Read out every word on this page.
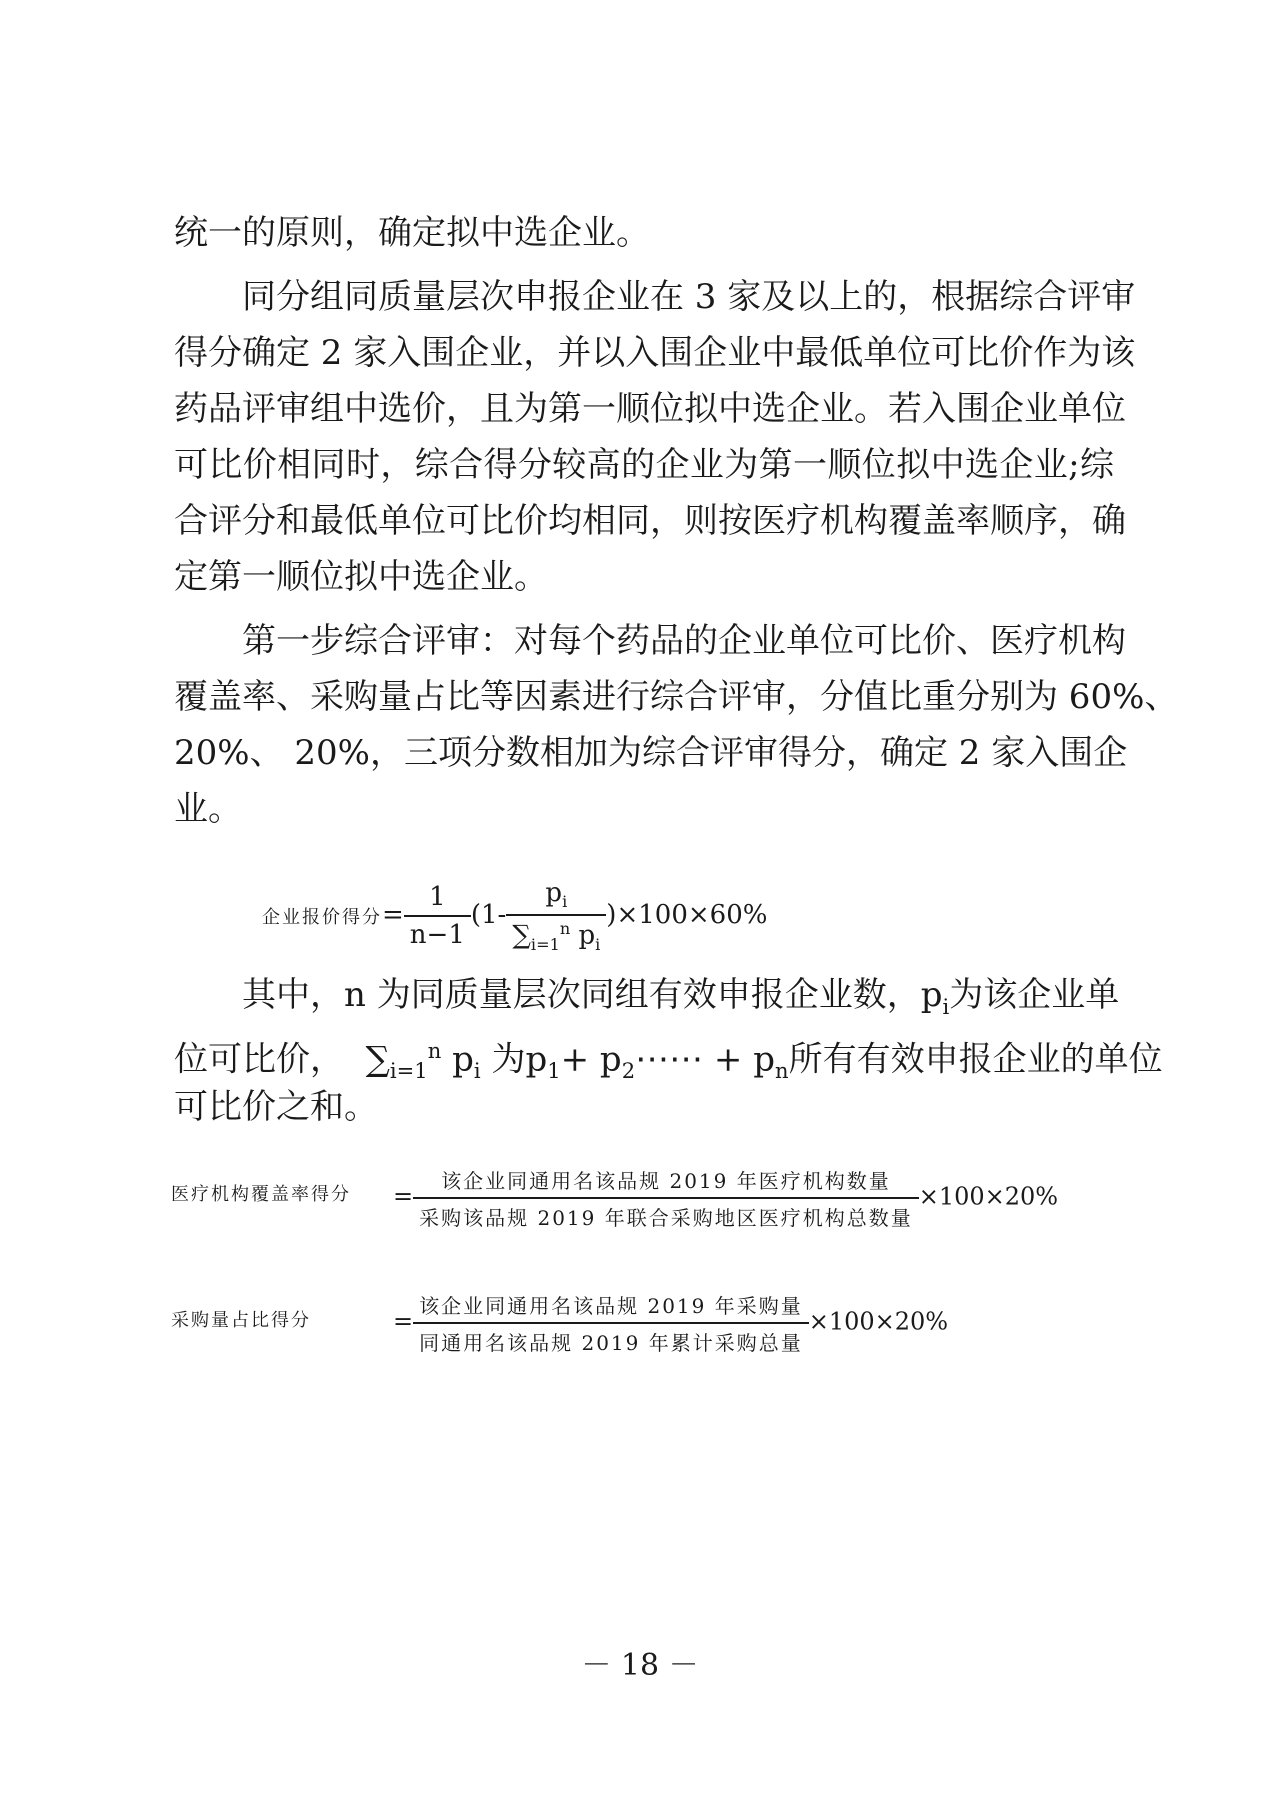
统一的原则，确定拟中选企业。
同分组同质量层次申报企业在 3 家及以上的，根据综合评审
得分确定 2 家入围企业，并以入围企业中最低单位可比价作为该
药品评审组中选价，且为第一顺位拟中选企业。若入围企业单位
可比价相同时，综合得分较高的企业为第一顺位拟中选企业;综
合评分和最低单位可比价均相同，则按医疗机构覆盖率顺序，确
定第一顺位拟中选企业。
第一步综合评审：对每个药品的企业单位可比价、医疗机构
覆盖率、采购量占比等因素进行综合评审，分值比重分别为 60%、
20%、 20%，三项分数相加为综合评审得分，确定 2 家入围企
业。
企业报价得分= $\frac{1}{n-1} (1- \frac{p_i}{\sum_{i=1}^n p_i} )\times 100\times 60\%$
其中，n 为同质量层次同组有效申报企业数，$p_i$为该企业单
位可比价， $\sum_{i=1}^n$ $p_i$ 为$p_1+$ $p_2\cdots\cdots + p_n$所有有效申报企业的单位
可比价之和。
医疗机构覆盖率得分 = $\frac{\text{该企业同通用名该品规 2019 年医疗机构数量}}{\text{采购该品规 2019 年联合采购地区医疗机构总数量}} \times 100\times 20\%$
采购量占比得分	= $\frac{\text{该企业同通用名该品规 2019 年采购量}}{\text{同通用名该品规 2019 年累计采购总量}} \times 100\times 20\%$
－ 18 －
